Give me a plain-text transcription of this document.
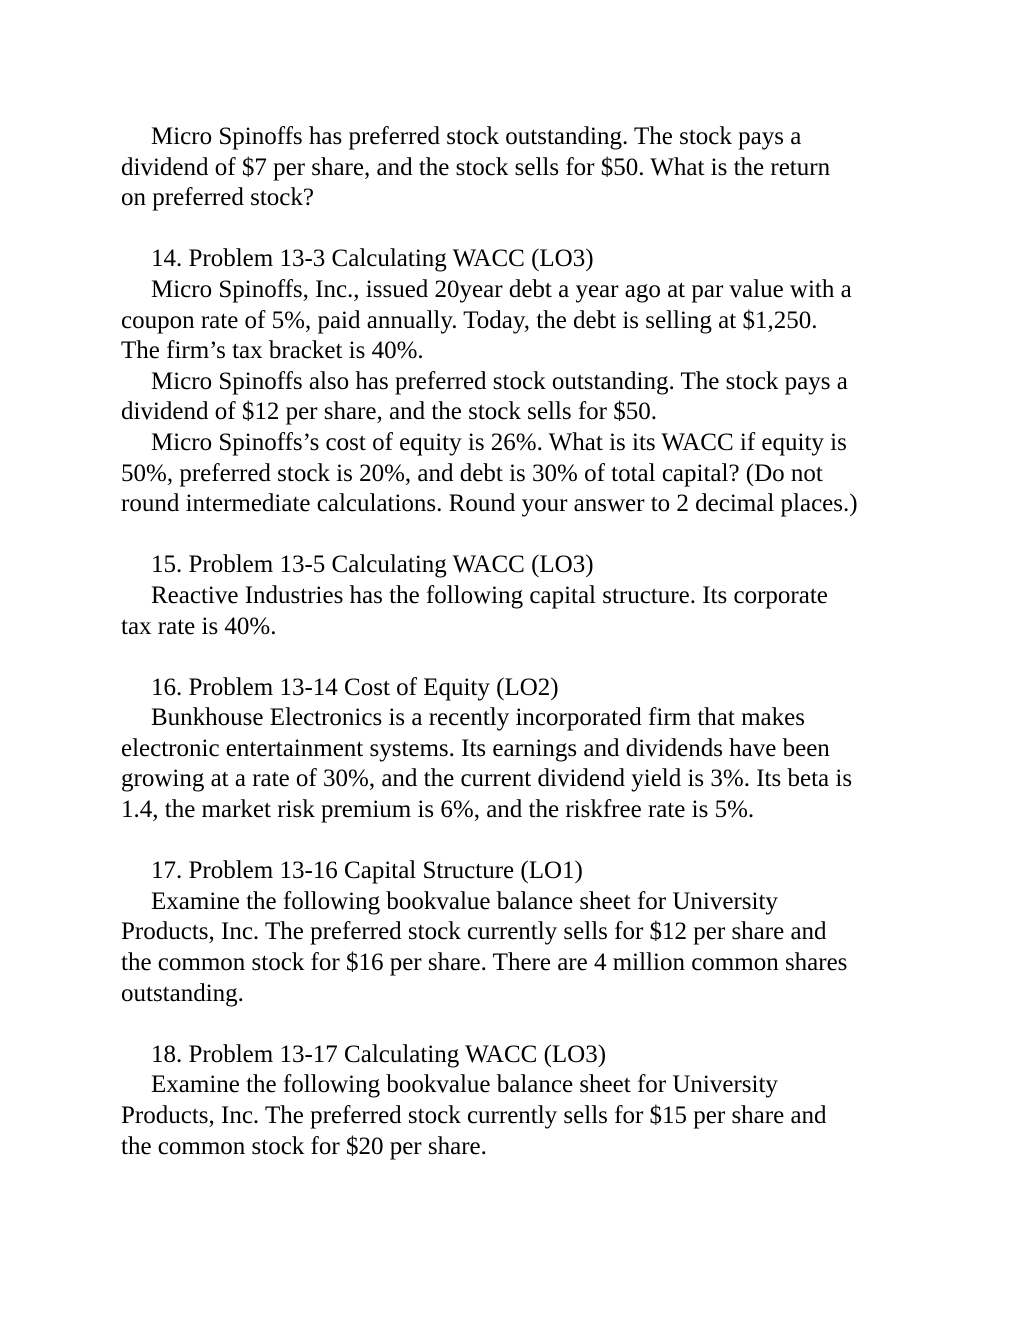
Micro Spinoffs has preferred stock outstanding. The stock pays a
dividend of $7 per share, and the stock sells for $50. What is the return
on preferred stock?
14. Problem 13-3 Calculating WACC (LO3)
Micro Spinoffs, Inc., issued 20year debt a year ago at par value with a
coupon rate of 5%, paid annually. Today, the debt is selling at $1,250.
The firm’s tax bracket is 40%.
Micro Spinoffs also has preferred stock outstanding. The stock pays a
dividend of $12 per share, and the stock sells for $50.
Micro Spinoffs’s cost of equity is 26%. What is its WACC if equity is
50%, preferred stock is 20%, and debt is 30% of total capital? (Do not
round intermediate calculations. Round your answer to 2 decimal places.)
15. Problem 13-5 Calculating WACC (LO3)
Reactive Industries has the following capital structure. Its corporate
tax rate is 40%.
16. Problem 13-14 Cost of Equity (LO2)
Bunkhouse Electronics is a recently incorporated firm that makes
electronic entertainment systems. Its earnings and dividends have been
growing at a rate of 30%, and the current dividend yield is 3%. Its beta is
1.4, the market risk premium is 6%, and the riskfree rate is 5%.
17. Problem 13-16 Capital Structure (LO1)
Examine the following bookvalue balance sheet for University
Products, Inc. The preferred stock currently sells for $12 per share and
the common stock for $16 per share. There are 4 million common shares
outstanding.
18. Problem 13-17 Calculating WACC (LO3)
Examine the following bookvalue balance sheet for University
Products, Inc. The preferred stock currently sells for $15 per share and
the common stock for $20 per share.
